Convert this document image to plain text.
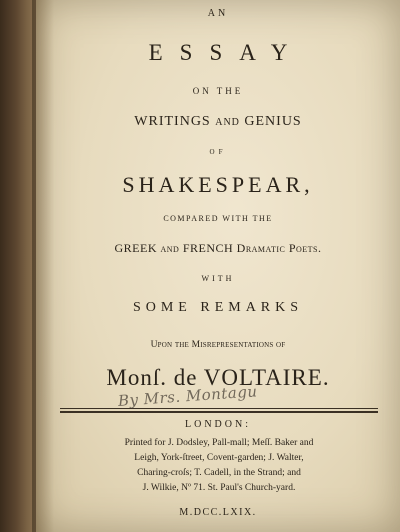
AN
ESSAY
ON THE
WRITINGS and GENIUS
OF
SHAKESPEAR,
COMPARED WITH THE
GREEK and FRENCH Dramatic Poets.
WITH
SOME REMARKS
Upon the Misrepresentations of
Monſ. de VOLTAIRE.
By Mrs. Montagu
LONDON:
Printed for J. Dodsley, Pall-mall; Meſſ. Baker and
Leigh, York-ſtreet, Covent-garden; J. Walter,
Charing-croſs; T. Cadell, in the Strand; and
J. Wilkie, Nº 71. St. Paul's Church-yard.
M.DCC.LXIX.
